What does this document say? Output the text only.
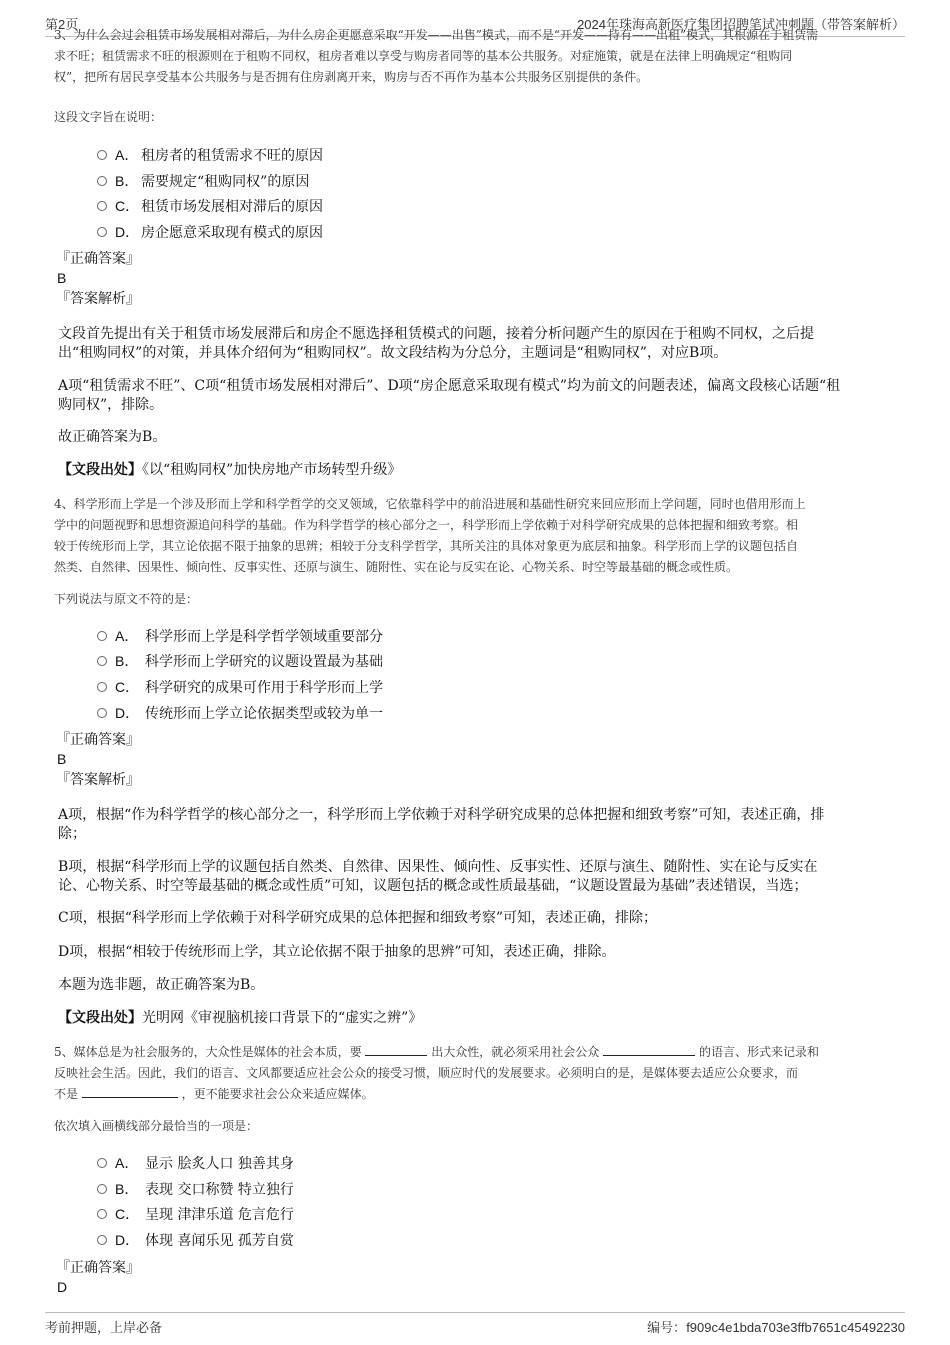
第2页	2024年珠海高新医疗集团招聘笔试冲刺题（带答案解析）
3、为什么会过会租赁市场发展相对滞后，为什么房企更愿意采取“开发——出售”模式，而不是“开发——持有——出租”模式，其根源在于租赁需
求不旺；租赁需求不旺的根源则在于租购不同权，租房者难以享受与购房者同等的基本公共服务。对症施策，就是在法律上明确规定“租购同
权”，把所有居民享受基本公共服务与是否拥有住房剥离开来，购房与否不再作为基本公共服务区别提供的条件。
这段文字旨在说明：
A． 租房者的租赁需求不旺的原因
B． 需要规定“租购同权”的原因
C． 租赁市场发展相对滞后的原因
D． 房企愿意采取现有模式的原因
『正确答案』
B
『答案解析』
文段首先提出有关于租赁市场发展滞后和房企不愿选择租赁模式的问题，接着分析问题产生的原因在于租购不同权，之后提
出“租购同权”的对策，并具体介绍何为“租购同权”。故文段结构为分总分，主题词是“租购同权”，对应B项。
A项“租赁需求不旺”、C项“租赁市场发展相对滞后”、D项“房企愿意采取现有模式”均为前文的问题表述，偏离文段核心话题“租
购同权”，排除。
故正确答案为B。
【文段出处】《以“租购同权”加快房地产市场转型升级》
4、科学形而上学是一个涉及形而上学和科学哲学的交叉领域，它依靠科学中的前沿进展和基础性研究来回应形而上学问题，同时也借用形而上
学中的问题视野和思想资源追问科学的基础。作为科学哲学的核心部分之一，科学形而上学依赖于对科学研究成果的总体把握和细致考察。相
较于传统形而上学，其立论依据不限于抽象的思辨；相较于分支科学哲学，其所关注的具体对象更为底层和抽象。科学形而上学的议题包括自
然类、自然律、因果性、倾向性、反事实性、还原与演生、随附性、实在论与反实在论、心物关系、时空等最基础的概念或性质。
下列说法与原文不符的是：
A． 科学形而上学是科学哲学领域重要部分
B． 科学形而上学研究的议题设置最为基础
C． 科学研究的成果可作用于科学形而上学
D． 传统形而上学立论依据类型或较为单一
『正确答案』
B
『答案解析』
A项，根据“作为科学哲学的核心部分之一，科学形而上学依赖于对科学研究成果的总体把握和细致考察”可知，表述正确，排
除；
B项，根据“科学形而上学的议题包括自然类、自然律、因果性、倾向性、反事实性、还原与演生、随附性、实在论与反实在
论、心物关系、时空等最基础的概念或性质”可知，议题包括的概念或性质最基础，“议题设置最为基础”表述错误，当选；
C项，根据“科学形而上学依赖于对科学研究成果的总体把握和细致考察”可知，表述正确，排除；
D项，根据“相较于传统形而上学，其立论依据不限于抽象的思辨”可知，表述正确，排除。
本题为选非题，故正确答案为B。
【文段出处】光明网《审视脑机接口背景下的“虚实之辨”》
5、媒体总是为社会服务的，大众性是媒体的社会本质，要	出大众性，就必须采用社会公众	的语言、形式来记录和
反映社会生活。因此，我们的语言、文风都要适应社会公众的接受习惯，顺应时代的发展要求。必须明白的是，是媒体要去适应公众要求，而
不是	，更不能要求社会公众来适应媒体。
依次填入画横线部分最恰当的一项是：
A． 显示 脍炙人口 独善其身
B． 表现 交口称赞 特立独行
C． 呈现 津津乐道 危言危行
D． 体现 喜闻乐见 孤芳自赏
『正确答案』
D
考前押题，上岸必备	编号：f909c4e1bda703e3ffb7651c45492230
